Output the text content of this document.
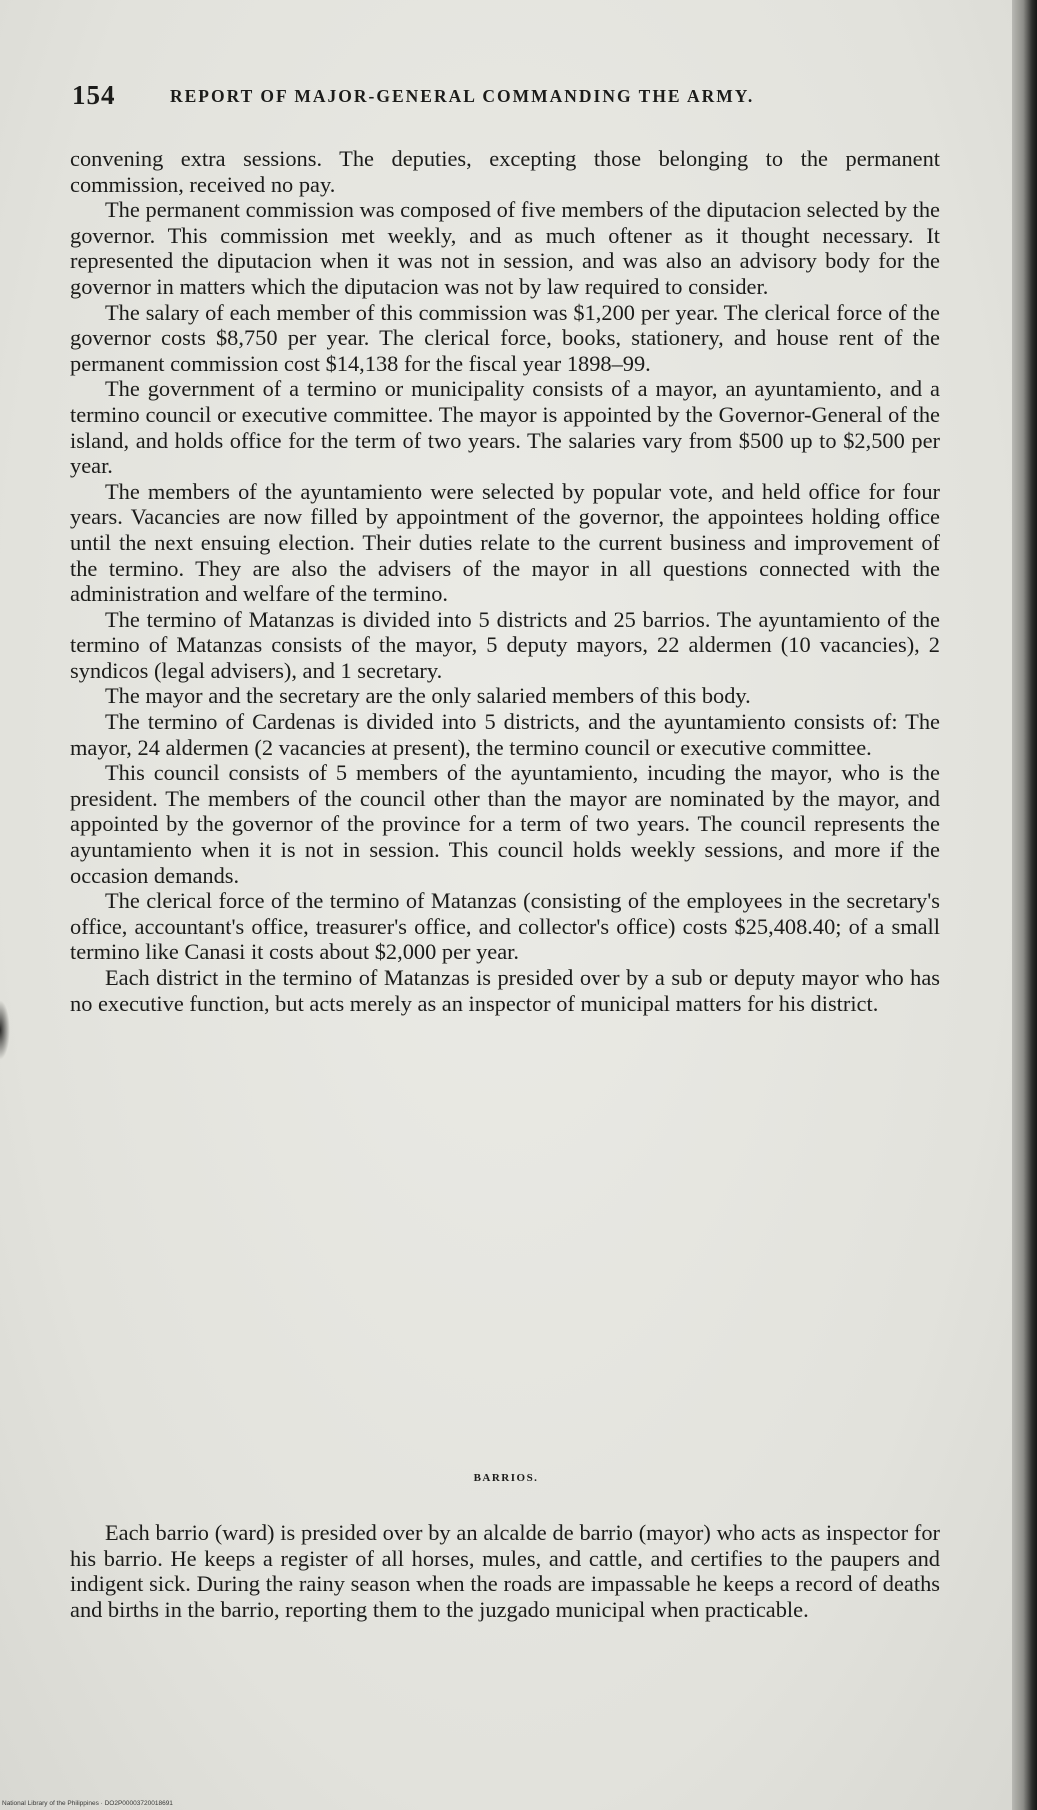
154	REPORT OF MAJOR-GENERAL COMMANDING THE ARMY.

convening extra sessions. The deputies, excepting those belonging to the permanent commission, received no pay.

The permanent commission was composed of five members of the diputacion selected by the governor. This commission met weekly, and as much oftener as it thought necessary. It represented the diputacion when it was not in session, and was also an advisory body for the governor in matters which the diputacion was not by law required to consider.

The salary of each member of this commission was $1,200 per year. The clerical force of the governor costs $8,750 per year. The clerical force, books, stationery, and house rent of the permanent commission cost $14,138 for the fiscal year 1898–99.

The government of a termino or municipality consists of a mayor, an ayuntamiento, and a termino council or executive committee. The mayor is appointed by the Governor-General of the island, and holds office for the term of two years. The salaries vary from $500 up to $2,500 per year.

The members of the ayuntamiento were selected by popular vote, and held office for four years. Vacancies are now filled by appointment of the governor, the appointees holding office until the next ensuing election. Their duties relate to the current business and improvement of the termino. They are also the advisers of the mayor in all questions connected with the administration and welfare of the termino.

The termino of Matanzas is divided into 5 districts and 25 barrios. The ayuntamiento of the termino of Matanzas consists of the mayor, 5 deputy mayors, 22 aldermen (10 vacancies), 2 syndicos (legal advisers), and 1 secretary.

The mayor and the secretary are the only salaried members of this body.

The termino of Cardenas is divided into 5 districts, and the ayuntamiento consists of: The mayor, 24 aldermen (2 vacancies at present), the termino council or executive committee.

This council consists of 5 members of the ayuntamiento, incuding the mayor, who is the president. The members of the council other than the mayor are nominated by the mayor, and appointed by the governor of the province for a term of two years. The council represents the ayuntamiento when it is not in session. This council holds weekly sessions, and more if the occasion demands.

The clerical force of the termino of Matanzas (consisting of the employees in the secretary's office, accountant's office, treasurer's office, and collector's office) costs $25,408.40; of a small termino like Canasi it costs about $2,000 per year.

Each district in the termino of Matanzas is presided over by a sub or deputy mayor who has no executive function, but acts merely as an inspector of municipal matters for his district.

BARRIOS.

Each barrio (ward) is presided over by an alcalde de barrio (mayor) who acts as inspector for his barrio. He keeps a register of all horses, mules, and cattle, and certifies to the paupers and indigent sick. During the rainy season when the roads are impassable he keeps a record of deaths and births in the barrio, reporting them to the juzgado municipal when practicable.

National Library of the Philippines · DO2P00003720018691
